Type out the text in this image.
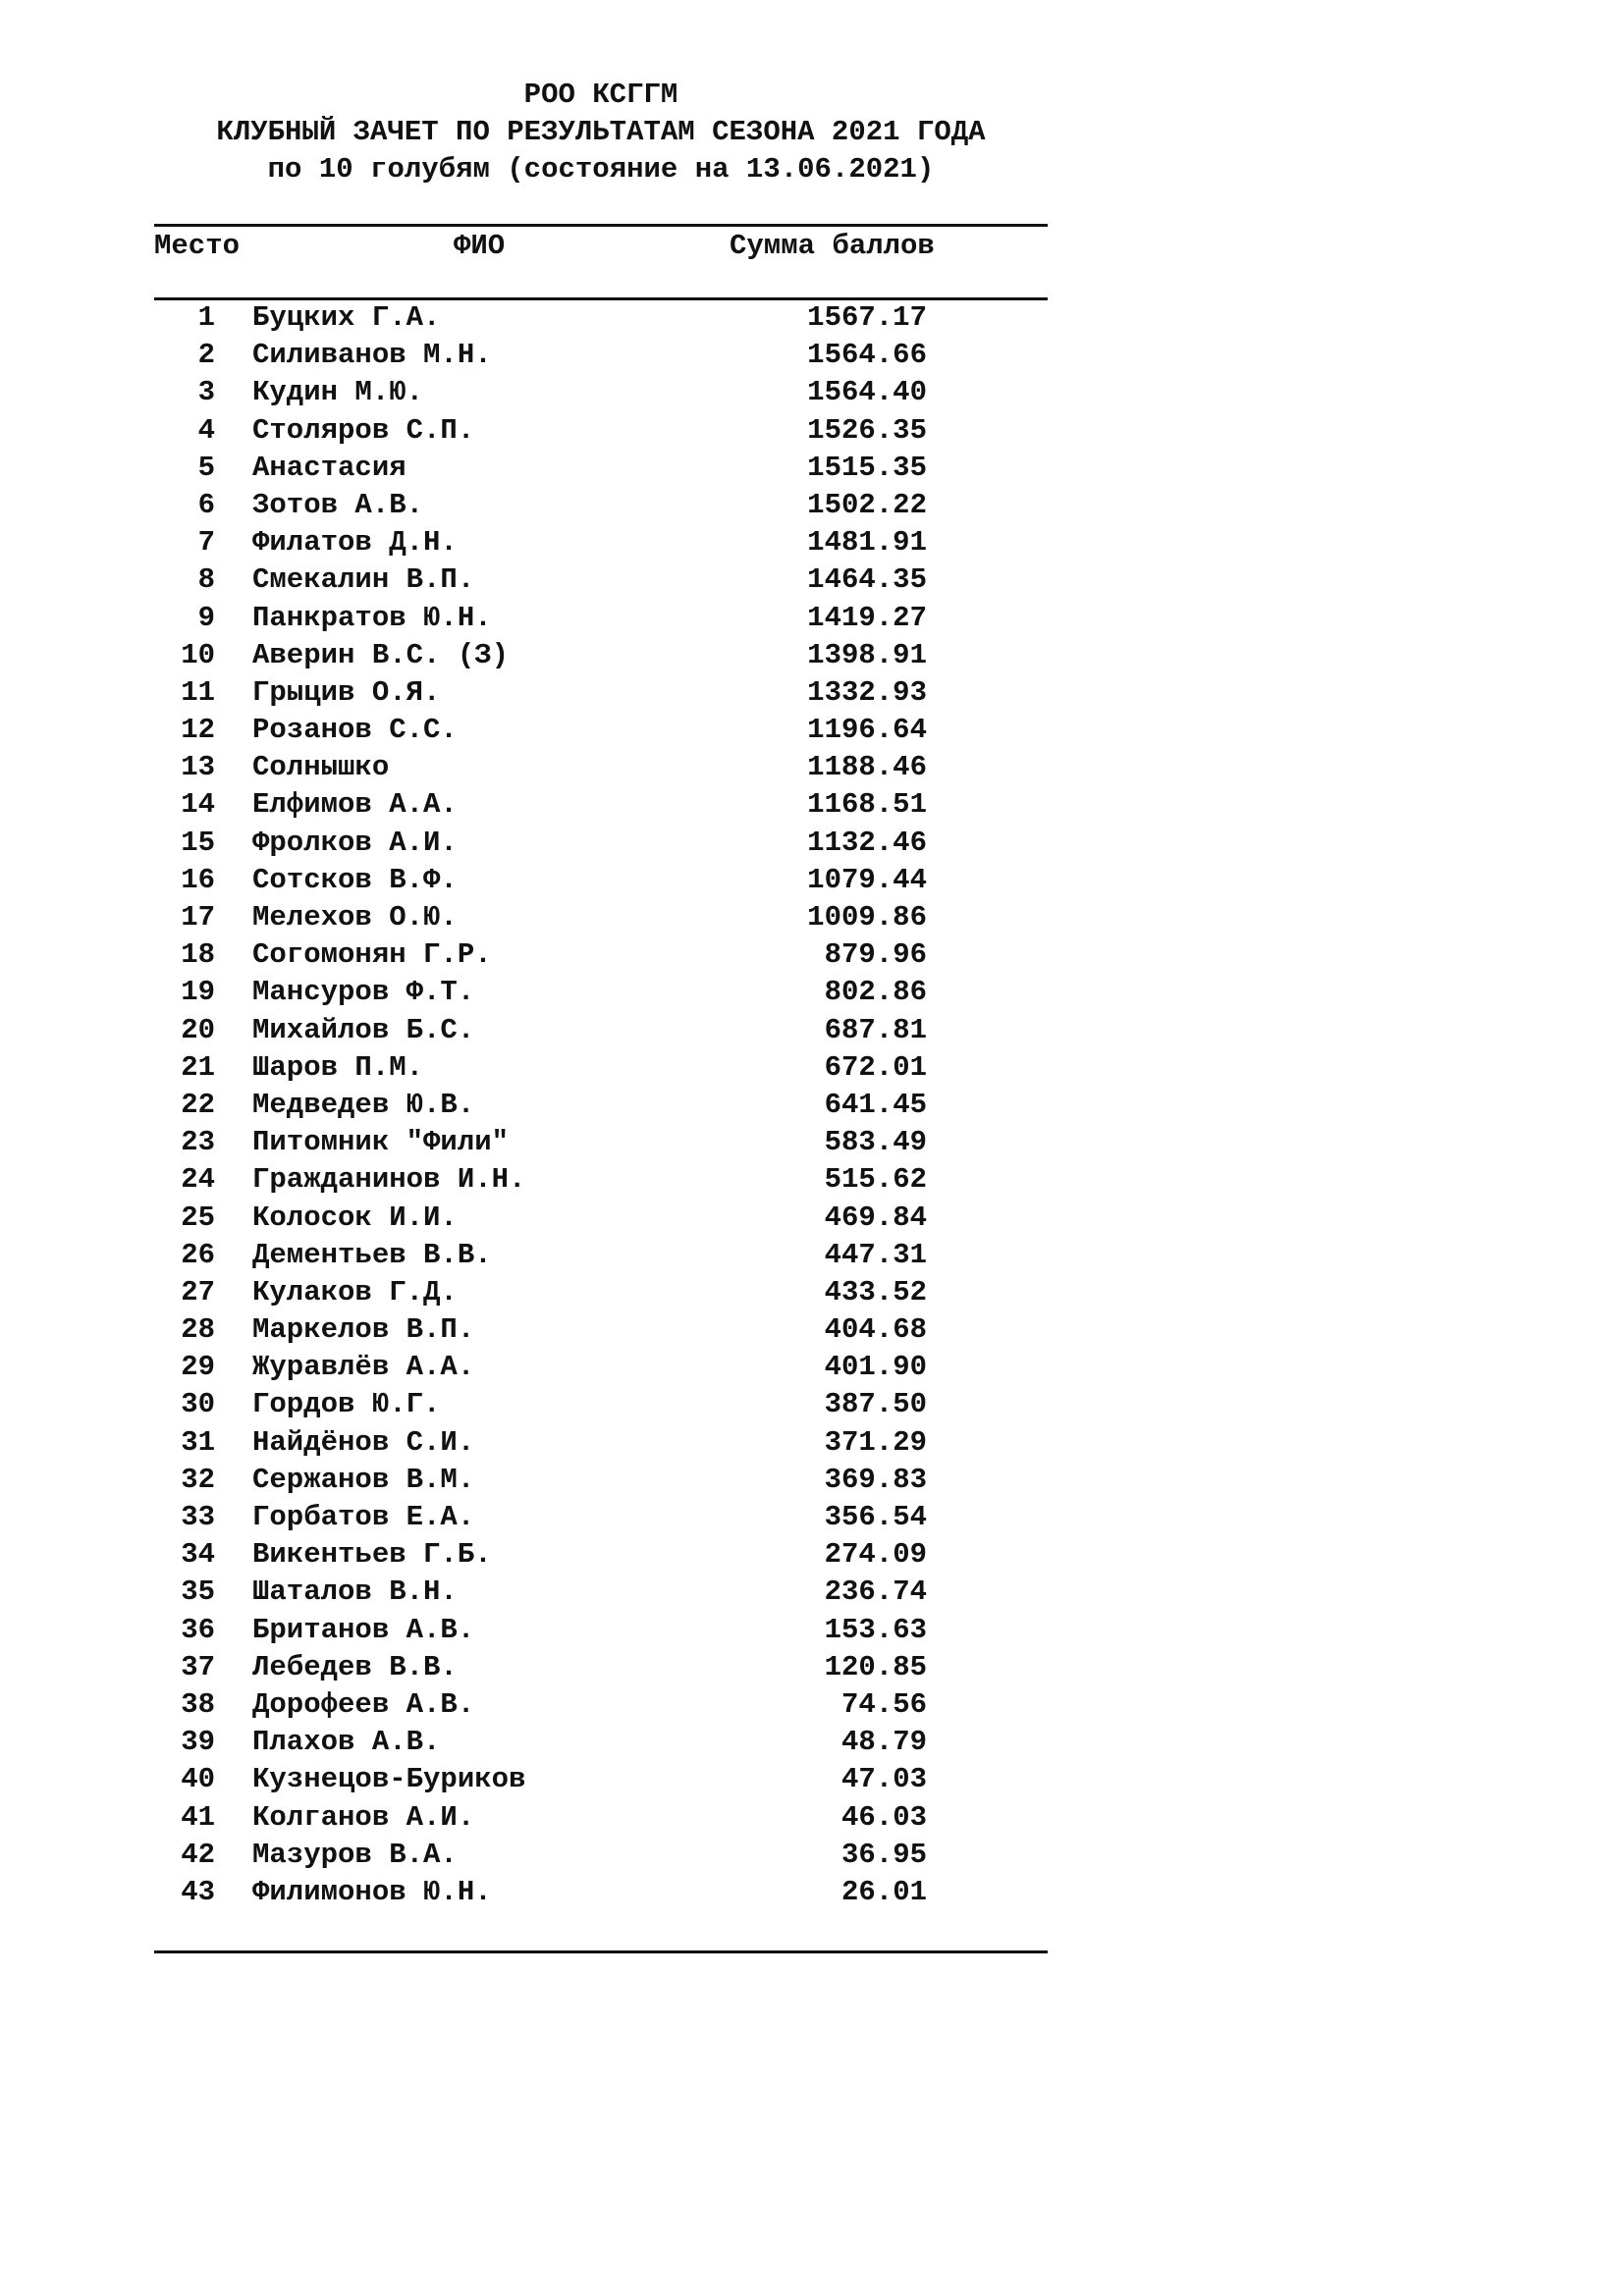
РОО КСГГМ
КЛУБНЫЙ ЗАЧЕТ ПО РЕЗУЛЬТАТАМ СЕЗОНА 2021 ГОДА
по 10 голубям (состояние на 13.06.2021)
Место	ФИО	Сумма баллов
1 Буцких Г.А.	1567.17
2 Силиванов М.Н.	1564.66
3 Кудин М.Ю.	1564.40
4 Столяров С.П.	1526.35
5 Анастасия	1515.35
6 Зотов А.В.	1502.22
7 Филатов Д.Н.	1481.91
8 Смекалин В.П.	1464.35
9 Панкратов Ю.Н.	1419.27
10 Аверин В.С. (З)	1398.91
11 Грыцив О.Я.	1332.93
12 Розанов С.С.	1196.64
13 Солнышко	1188.46
14 Елфимов А.А.	1168.51
15 Фролков А.И.	1132.46
16 Сотсков В.Ф.	1079.44
17 Мелехов О.Ю.	1009.86
18 Согомонян Г.Р.	879.96
19 Мансуров Ф.Т.	802.86
20 Михайлов Б.С.	687.81
21 Шаров П.М.	672.01
22 Медведев Ю.В.	641.45
23 Питомник "Фили"	583.49
24 Гражданинов И.Н.	515.62
25 Колосок И.И.	469.84
26 Дементьев В.В.	447.31
27 Кулаков Г.Д.	433.52
28 Маркелов В.П.	404.68
29 Журавлёв А.А.	401.90
30 Гордов Ю.Г.	387.50
31 Найдёнов С.И.	371.29
32 Сержанов В.М.	369.83
33 Горбатов Е.А.	356.54
34 Викентьев Г.Б.	274.09
35 Шаталов В.Н.	236.74
36 Британов А.В.	153.63
37 Лебедев В.В.	120.85
38 Дорофеев А.В.	74.56
39 Плахов А.В.	48.79
40 Кузнецов-Буриков	47.03
41 Колганов А.И.	46.03
42 Мазуров В.А.	36.95
43 Филимонов Ю.Н.	26.01
